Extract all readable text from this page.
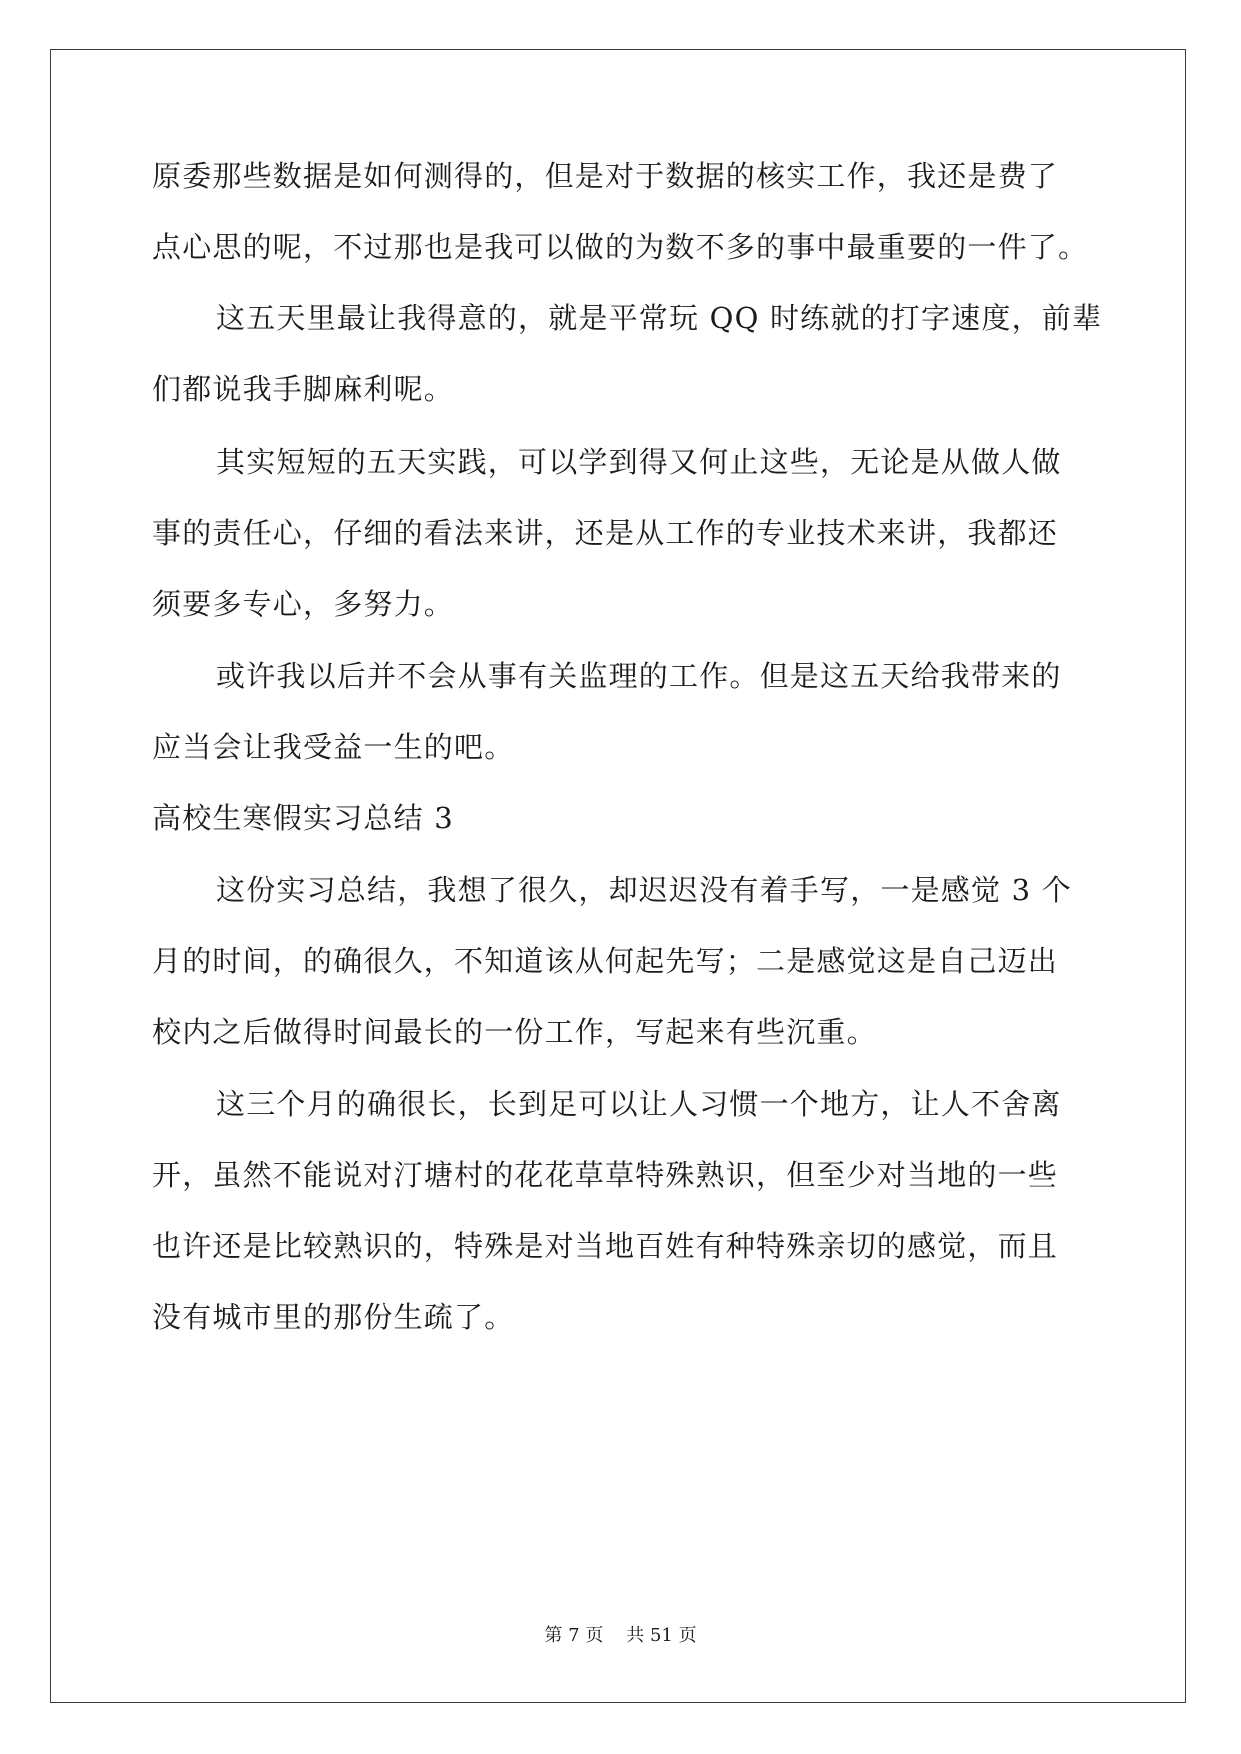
原委那些数据是如何测得的，但是对于数据的核实工作，我还是费了
点心思的呢，不过那也是我可以做的为数不多的事中最重要的一件了。
这五天里最让我得意的，就是平常玩 QQ 时练就的打字速度，前辈
们都说我手脚麻利呢。
其实短短的五天实践，可以学到得又何止这些，无论是从做人做
事的责任心，仔细的看法来讲，还是从工作的专业技术来讲，我都还
须要多专心，多努力。
或许我以后并不会从事有关监理的工作。但是这五天给我带来的
应当会让我受益一生的吧。
高校生寒假实习总结 3
这份实习总结，我想了很久，却迟迟没有着手写，一是感觉 3 个
月的时间，的确很久，不知道该从何起先写；二是感觉这是自己迈出
校内之后做得时间最长的一份工作，写起来有些沉重。
这三个月的确很长，长到足可以让人习惯一个地方，让人不舍离
开，虽然不能说对汀塘村的花花草草特殊熟识，但至少对当地的一些
也许还是比较熟识的，特殊是对当地百姓有种特殊亲切的感觉，而且
没有城市里的那份生疏了。
第 7 页 共 51 页
